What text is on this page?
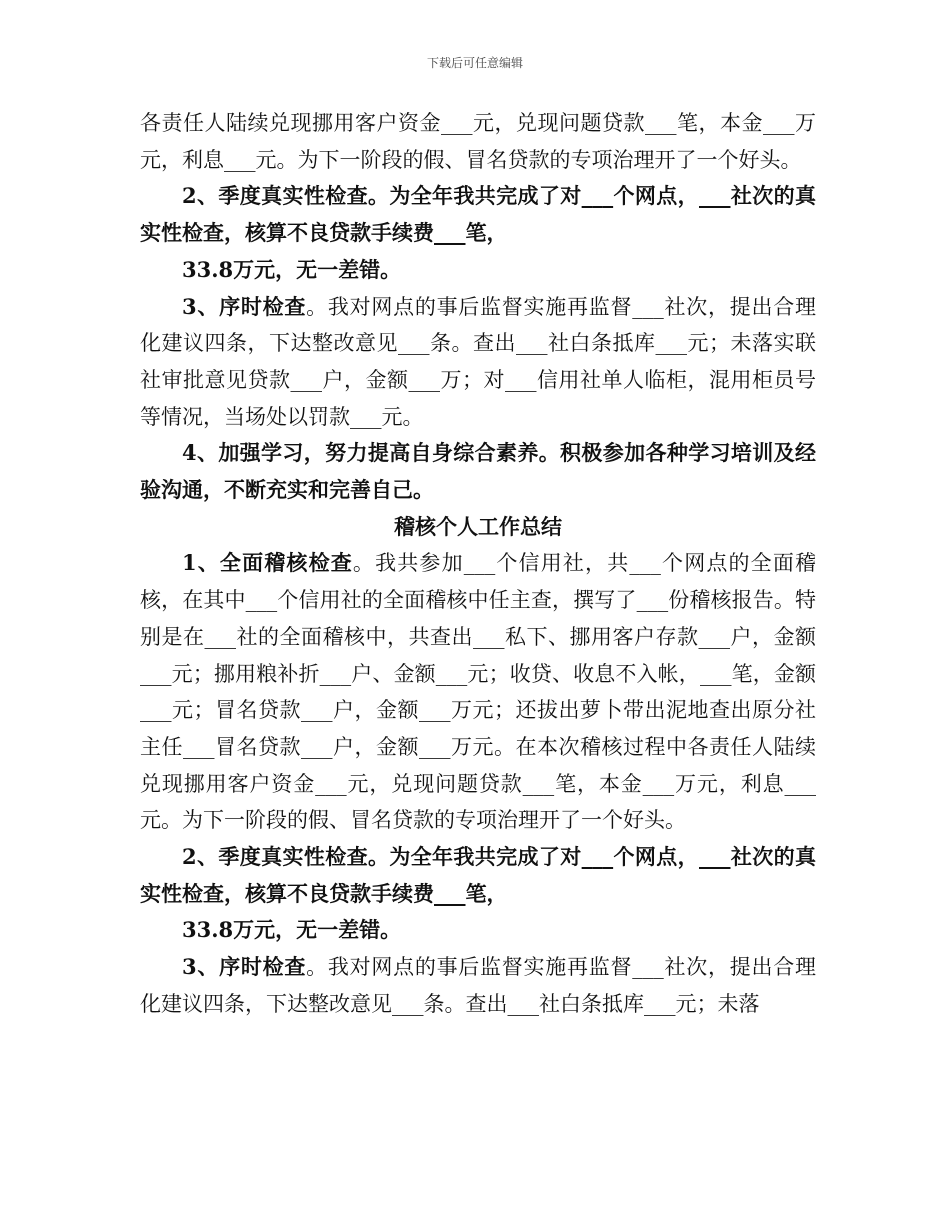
下载后可任意编辑

各责任人陆续兑现挪用客户资金___元，兑现问题贷款___笔，本金___万元，利息___元。为下一阶段的假、冒名贷款的专项治理开了一个好头。

2、季度真实性检查。为全年我共完成了对___个网点，___社次的真实性检查，核算不良贷款手续费___笔，

33.8万元，无一差错。

3、序时检查。我对网点的事后监督实施再监督___社次，提出合理化建议四条，下达整改意见___条。查出___社白条抵库___元；未落实联社审批意见贷款___户，金额___万；对___信用社单人临柜，混用柜员号等情况，当场处以罚款___元。

4、加强学习，努力提高自身综合素养。积极参加各种学习培训及经验沟通，不断充实和完善自己。

稽核个人工作总结

1、全面稽核检查。我共参加___个信用社，共___个网点的全面稽核，在其中___个信用社的全面稽核中任主查，撰写了___份稽核报告。特别是在___社的全面稽核中，共查出___私下、挪用客户存款___户，金额___元；挪用粮补折___户、金额___元；收贷、收息不入帐，___笔，金额___元；冒名贷款___户，金额___万元；还拔出萝卜带出泥地查出原分社主任___冒名贷款___户，金额___万元。在本次稽核过程中各责任人陆续兑现挪用客户资金___元，兑现问题贷款___笔，本金___万元，利息___元。为下一阶段的假、冒名贷款的专项治理开了一个好头。

2、季度真实性检查。为全年我共完成了对___个网点，___社次的真实性检查，核算不良贷款手续费___笔，

33.8万元，无一差错。

3、序时检查。我对网点的事后监督实施再监督___社次，提出合理化建议四条，下达整改意见___条。查出___社白条抵库___元；未落
